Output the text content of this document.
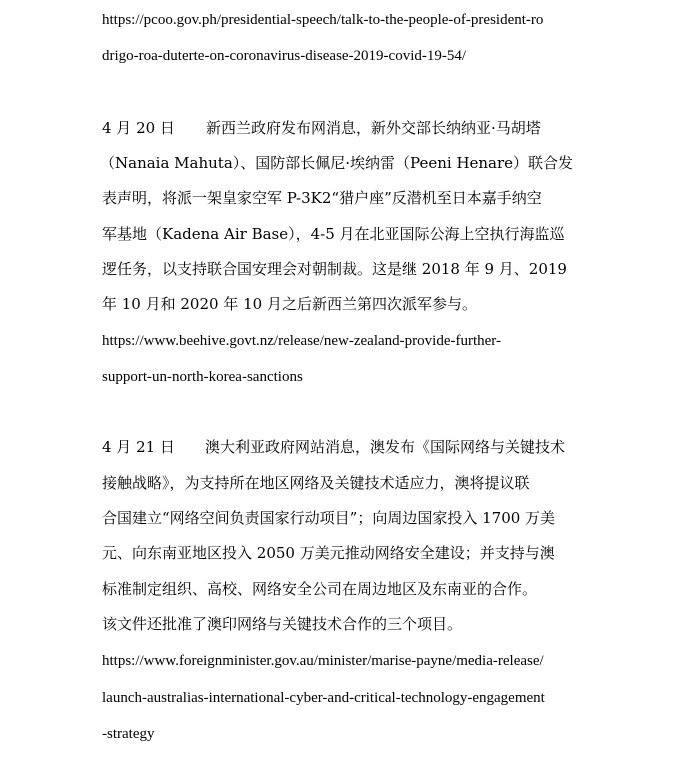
https://pcoo.gov.ph/presidential-speech/talk-to-the-people-of-president-ro
drigo-roa-duterte-on-coronavirus-disease-2019-covid-19-54/
4 月 20 日 新西兰政府发布网消息，新外交部长纳纳亚·马胡塔
（Nanaia Mahuta）、国防部长佩尼·埃纳雷（Peeni Henare）联合发
表声明，将派一架皇家空军 P-3K2“猎户座”反潜机至日本嘉手纳空
军基地（Kadena Air Base），4-5 月在北亚国际公海上空执行海监巡
逻任务，以支持联合国安理会对朝制裁。这是继 2018 年 9 月、2019
年 10 月和 2020 年 10 月之后新西兰第四次派军参与。
https://www.beehive.govt.nz/release/new-zealand-provide-further-
support-un-north-korea-sanctions
4 月 21 日 澳大利亚政府网站消息，澳发布《国际网络与关键技术
接触战略》，为支持所在地区网络及关键技术适应力，澳将提议联
合国建立“网络空间负责国家行动项目”；向周边国家投入 1700 万美
元、向东南亚地区投入 2050 万美元推动网络安全建设；并支持与澳
标准制定组织、高校、网络安全公司在周边地区及东南亚的合作。
该文件还批准了澳印网络与关键技术合作的三个项目。
https://www.foreignminister.gov.au/minister/marise-payne/media-release/
launch-australias-international-cyber-and-critical-technology-engagement
-strategy
